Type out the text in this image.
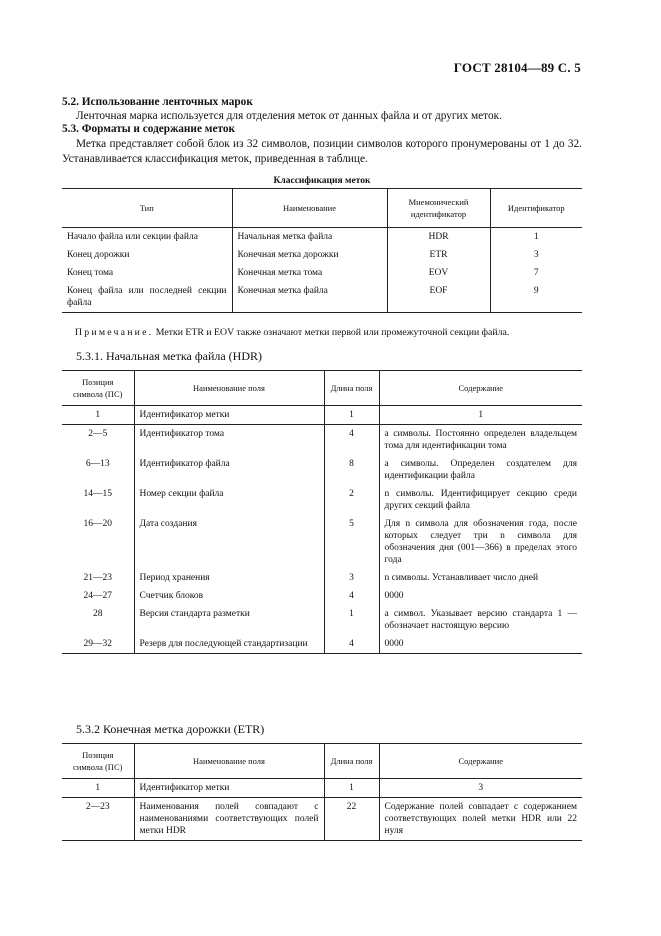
ГОСТ 28104—89 С. 5
5.2. Использование ленточных марок
Ленточная марка используется для отделения меток от данных файла и от других меток.
5.3. Форматы и содержание меток
Метка представляет собой блок из 32 символов, позиции символов которого пронумерованы от 1 до 32. Устанавливается классификация меток, приведенная в таблице.
Классификация меток
Тип	Наименование	Мнемонический идентификатор	Идентификатор
Начало файла или секции файла	Начальная метка файла	HDR	1
Конец дорожки	Конечная метка дорожки	ETR	3
Конец тома	Конечная метка тома	EOV	7
Конец файла или последней секции файла	Конечная метка файла	EOF	9
Примечание. Метки ETR и EOV также означают метки первой или промежуточной секции файла.
5.3.1. Начальная метка файла (HDR)
Позиция символа (ПС)	Наименование поля	Длина поля	Содержание
1	Идентификатор метки	1	1
2—5	Идентификатор тома	4	а символы. Постоянно определен владельцем тома для идентификации тома
6—13	Идентификатор файла	8	а символы. Определен создателем для идентификации файла
14—15	Номер секции файла	2	n символы. Идентифицирует секцию среди других секций файла
16—20	Дата создания	5	Для n символа для обозначения года, после которых следует три n символа для обозначения дня (001—366) в пределах этого года
21—23	Период хранения	3	n символы. Устанавливает число дней
24—27	Счетчик блоков	4	0000
28	Версия стандарта разметки	1	а символ. Указывает версию стандарта 1 — обозначает настоящую версию
29—32	Резерв для последующей стандартизации	4	0000
5.3.2 Конечная метка дорожки (ETR)
Позиция символа (ПС)	Наименование поля	Длина поля	Содержание
1	Идентификатор метки	1	3
2—23	Наименования полей совпадают с наименованиями соответствующих полей метки HDR	22	Содержание полей совпадает с содержанием соответствующих полей метки HDR или 22 нуля
